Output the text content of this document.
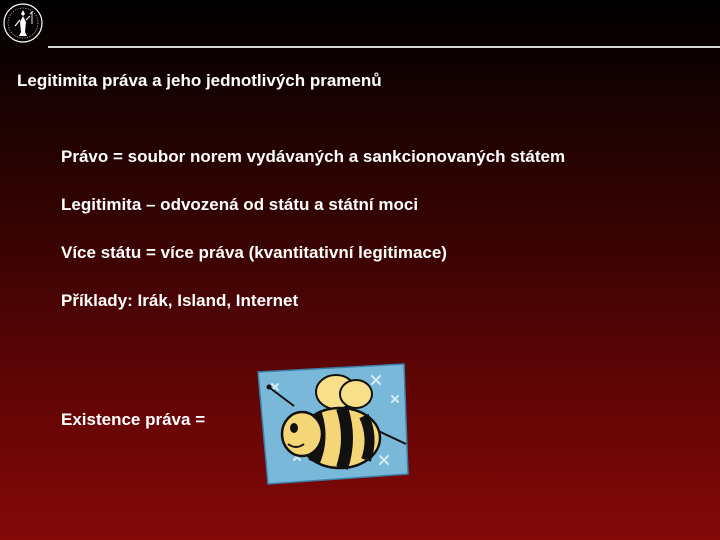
Legitimita práva a jeho jednotlivých pramenů
Právo = soubor norem vydávaných a sankcionovaných státem
Legitimita – odvozená od státu a státní moci
Více státu = více práva (kvantitativní legitimace)
Příklady: Irák, Island, Internet
Existence práva =
